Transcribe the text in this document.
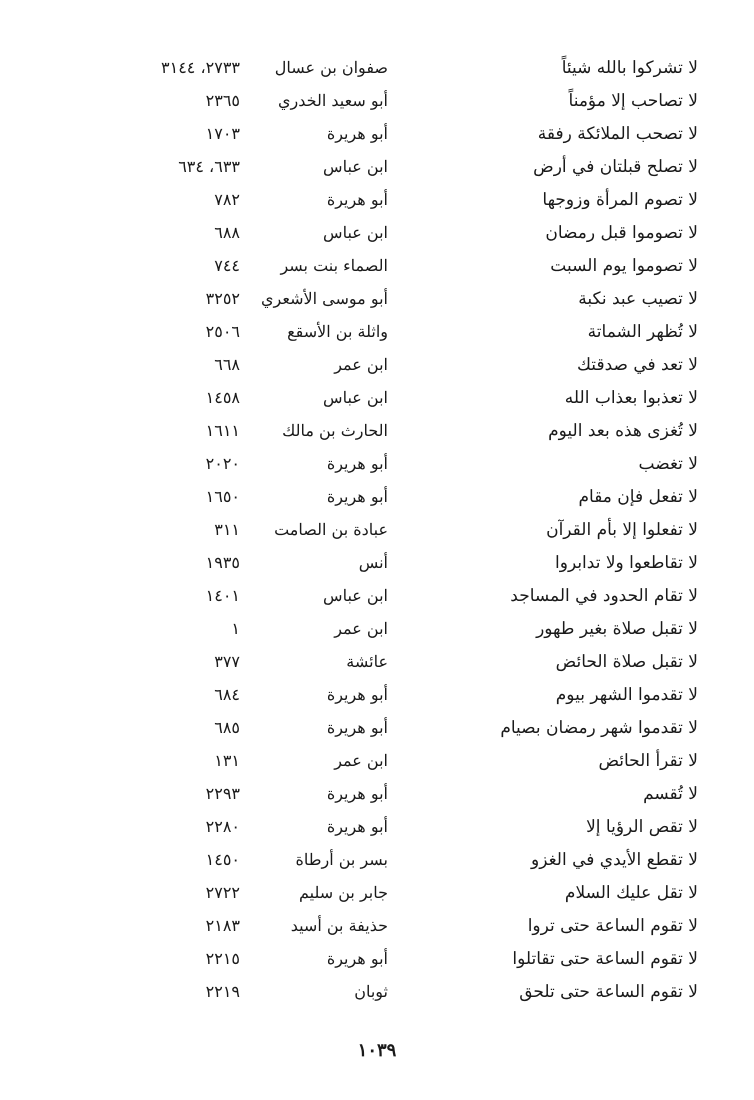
لا تشركوا بالله شيئاً
صفوان بن عسال
٢٧٣٣، ٣١٤٤
لا تصاحب إلا مؤمناً
أبو سعيد الخدري
٢٣٦٥
لا تصحب الملائكة رفقة
أبو هريرة
١٧٠٣
لا تصلح قبلتان في أرض
ابن عباس
٦٣٣، ٦٣٤
لا تصوم المرأة وزوجها
أبو هريرة
٧٨٢
لا تصوموا قبل رمضان
ابن عباس
٦٨٨
لا تصوموا يوم السبت
الصماء بنت بسر
٧٤٤
لا تصيب عبد نكبة
أبو موسى الأشعري
٣٢٥٢
لا تُظهر الشماتة
واثلة بن الأسقع
٢٥٠٦
لا تعد في صدقتك
ابن عمر
٦٦٨
لا تعذبوا بعذاب الله
ابن عباس
١٤٥٨
لا تُغزى هذه بعد اليوم
الحارث بن مالك
١٦١١
لا تغضب
أبو هريرة
٢٠٢٠
لا تفعل فإن مقام
أبو هريرة
١٦٥٠
لا تفعلوا إلا بأم القرآن
عبادة بن الصامت
٣١١
لا تقاطعوا ولا تدابروا
أنس
١٩٣٥
لا تقام الحدود في المساجد
ابن عباس
١٤٠١
لا تقبل صلاة بغير طهور
ابن عمر
١
لا تقبل صلاة الحائض
عائشة
٣٧٧
لا تقدموا الشهر بيوم
أبو هريرة
٦٨٤
لا تقدموا شهر رمضان بصيام
أبو هريرة
٦٨٥
لا تقرأ الحائض
ابن عمر
١٣١
لا تُقسم
أبو هريرة
٢٢٩٣
لا تقص الرؤيا إلا
أبو هريرة
٢٢٨٠
لا تقطع الأيدي في الغزو
بسر بن أرطاة
١٤٥٠
لا تقل عليك السلام
جابر بن سليم
٢٧٢٢
لا تقوم الساعة حتى تروا
حذيفة بن أسيد
٢١٨٣
لا تقوم الساعة حتى تقاتلوا
أبو هريرة
٢٢١٥
لا تقوم الساعة حتى تلحق
ثوبان
٢٢١٩
١٠٣٩
